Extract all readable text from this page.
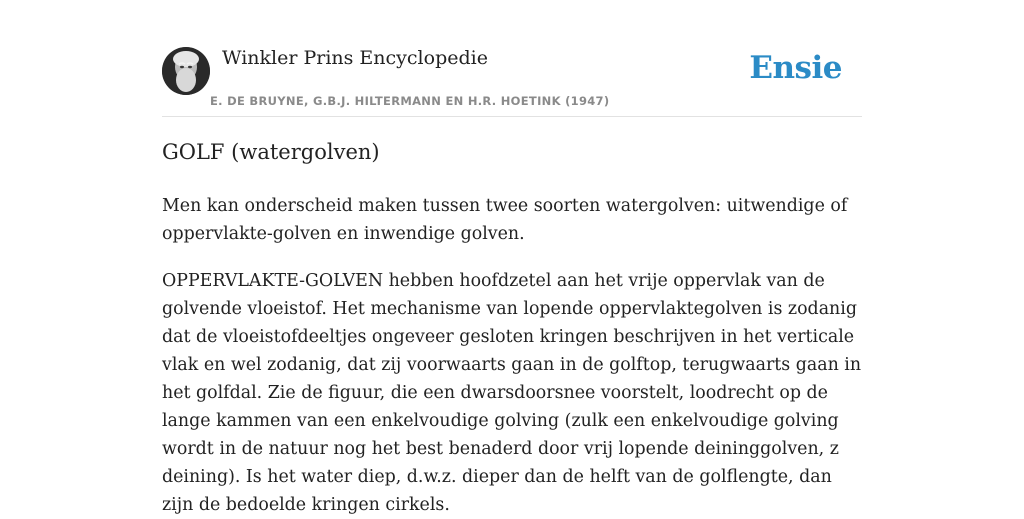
Winkler Prins Encyclopedie
E. DE BRUYNE, G.B.J. HILTERMANN EN H.R. HOETINK (1947)
Ensie
GOLF (watergolven)

Men kan onderscheid maken tussen twee soorten watergolven: uitwendige of oppervlakte-golven en inwendige golven.

OPPERVLAKTE-GOLVEN hebben hoofdzetel aan het vrije oppervlak van de golvende vloeistof. Het mechanisme van lopende oppervlaktegolven is zodanig dat de vloeistofdeeltjes ongeveer gesloten kringen beschrijven in het verticale vlak en wel zodanig, dat zij voorwaarts gaan in de golftop, terugwaarts gaan in het golfdal. Zie de figuur, die een dwarsdoorsnee voorstelt, loodrecht op de lange kammen van een enkelvoudige golving (zulk een enkelvoudige golving wordt in de natuur nog het best benaderd door vrij lopende deininggolven, z deining). Is het water diep, d.w.z. dieper dan de helft van de golflengte, dan zijn de bedoelde kringen cirkels.
